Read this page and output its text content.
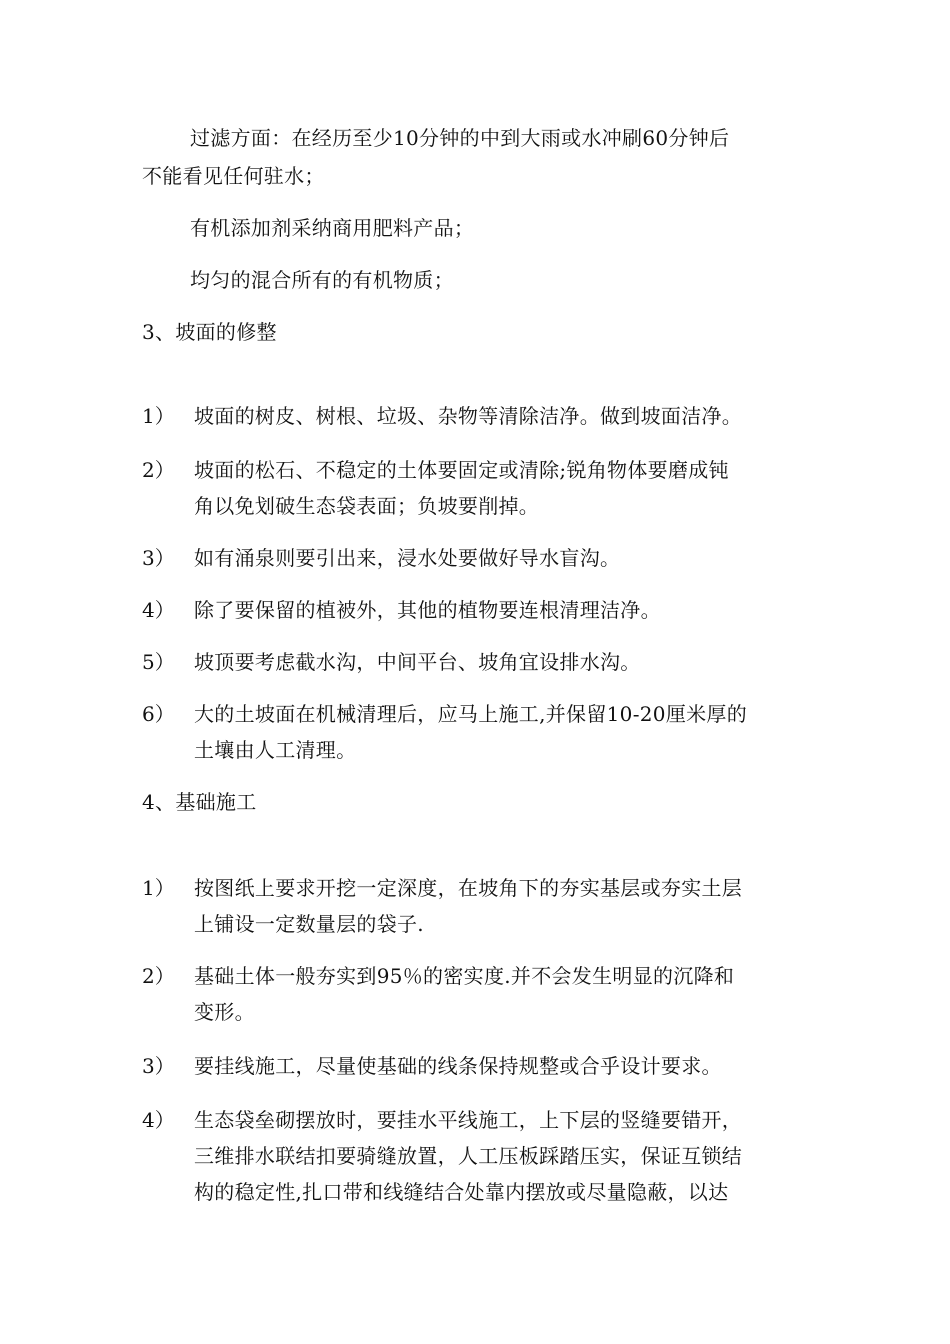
过滤方面：在经历至少10分钟的中到大雨或水冲刷60分钟后
不能看见任何驻水；
有机添加剂采纳商用肥料产品；
均匀的混合所有的有机物质；
3、坡面的修整
1） 坡面的树皮、树根、垃圾、杂物等清除洁净。做到坡面洁净。
2） 坡面的松石、不稳定的土体要固定或清除;锐角物体要磨成钝
角以免划破生态袋表面；负坡要削掉。
3） 如有涌泉则要引出来，浸水处要做好导水盲沟。
4） 除了要保留的植被外，其他的植物要连根清理洁净。
5） 坡顶要考虑截水沟，中间平台、坡角宜设排水沟。
6） 大的土坡面在机械清理后，应马上施工,并保留10-20厘米厚的
土壤由人工清理。
4、基础施工
1） 按图纸上要求开挖一定深度，在坡角下的夯实基层或夯实土层
上铺设一定数量层的袋子.
2） 基础土体一般夯实到95％的密实度.并不会发生明显的沉降和
变形。
3） 要挂线施工，尽量使基础的线条保持规整或合乎设计要求。
4） 生态袋垒砌摆放时，要挂水平线施工，上下层的竖缝要错开，
三维排水联结扣要骑缝放置，人工压板踩踏压实，保证互锁结
构的稳定性,扎口带和线缝结合处靠内摆放或尽量隐蔽，以达
